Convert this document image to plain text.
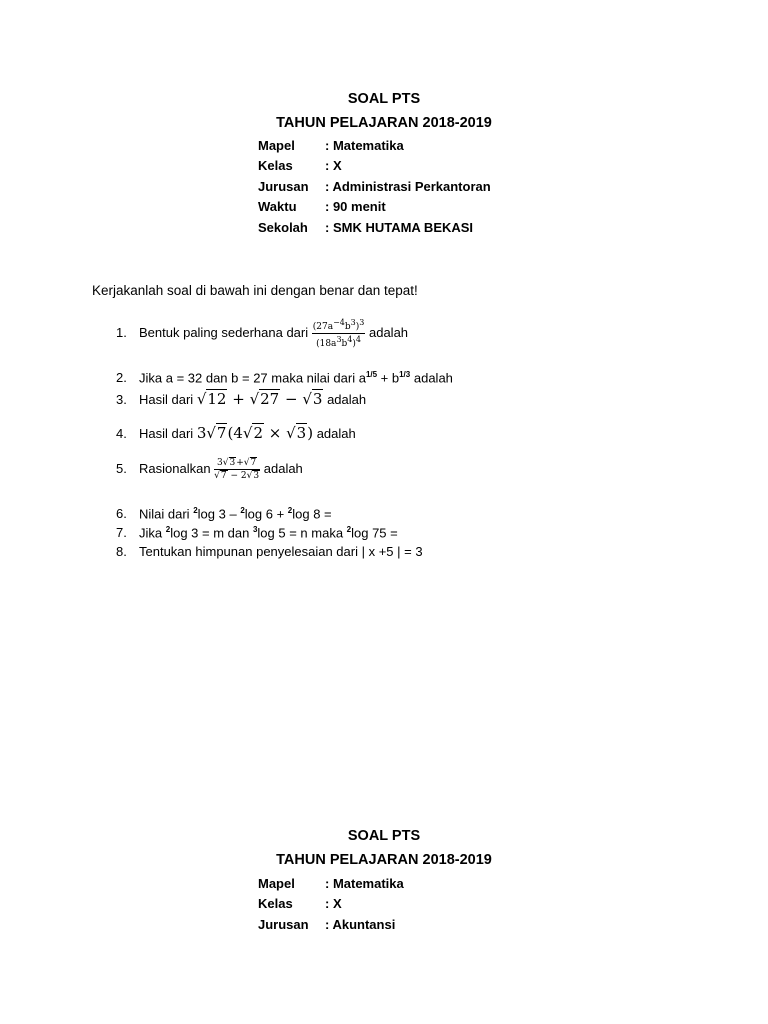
SOAL PTS
TAHUN PELAJARAN 2018-2019
Mapel : Matematika
Kelas : X
Jurusan : Administrasi Perkantoran
Waktu : 90 menit
Sekolah : SMK HUTAMA BEKASI
Kerjakanlah soal di bawah ini dengan benar dan tepat!
1. Bentuk paling sederhana dari $\frac{(27a^{-4}b^3)^3}{(18a^3b^4)^4}$ adalah
2. Jika a = 32 dan b = 27 maka nilai dari $a^{1/5} + b^{1/3}$ adalah
3. Hasil dari √12 + √27 − √3 adalah
4. Hasil dari 3√7(4√2 × √3) adalah
5. Rasionalkan $\frac{3√3+√7}{√7 - 2√3}$ adalah
6. Nilai dari $^2$log 3 – $^2$log 6 + $^2$log 8 =
7. Jika $^2$log 3 = m dan $^3$log 5 = n maka $^2$log 75 =
8. Tentukan himpunan penyelesaian dari | x +5 | = 3
SOAL PTS
TAHUN PELAJARAN 2018-2019
Mapel : Matematika
Kelas : X
Jurusan : Akuntansi
